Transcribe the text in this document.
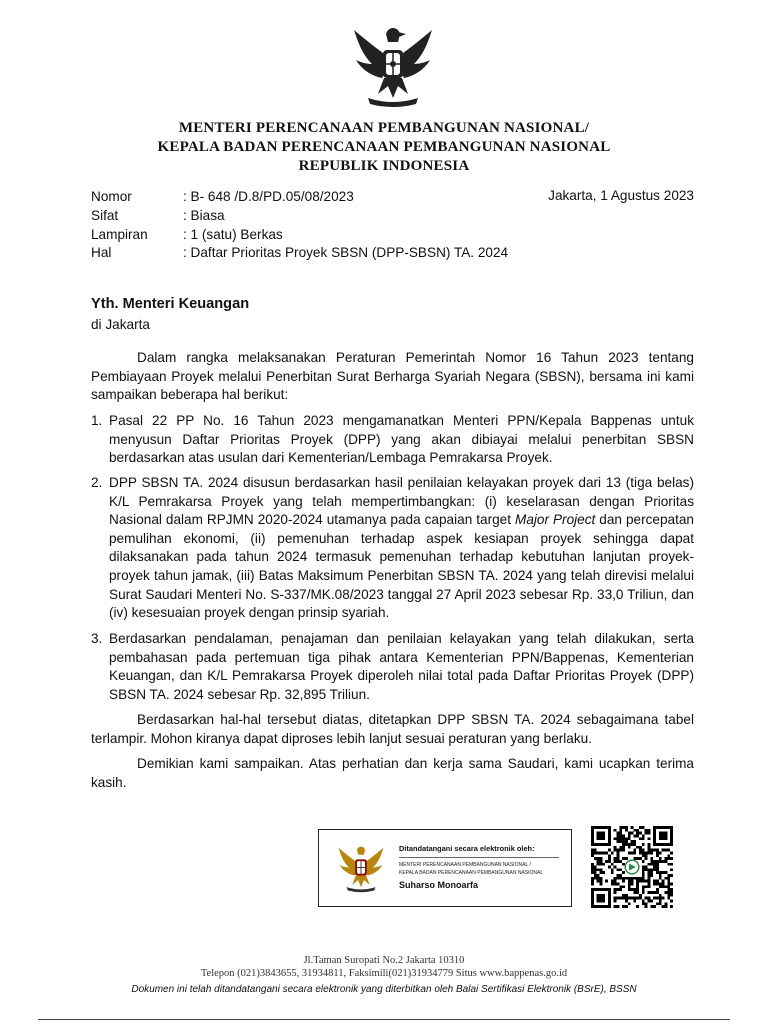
MENTERI PERENCANAAN PEMBANGUNAN NASIONAL/
KEPALA BADAN PERENCANAAN PEMBANGUNAN NASIONAL
REPUBLIK INDONESIA
Nomor	: B- 648 /D.8/PD.05/08/2023
Sifat	: Biasa
Lampiran	: 1 (satu) Berkas
Hal	: Daftar Prioritas Proyek SBSN (DPP-SBSN) TA. 2024
Jakarta, 1 Agustus 2023
Yth. Menteri Keuangan
di Jakarta

Dalam rangka melaksanakan Peraturan Pemerintah Nomor 16 Tahun 2023 tentang Pembiayaan Proyek melalui Penerbitan Surat Berharga Syariah Negara (SBSN), bersama ini kami sampaikan beberapa hal berikut:

1. Pasal 22 PP No. 16 Tahun 2023 mengamanatkan Menteri PPN/Kepala Bappenas untuk menyusun Daftar Prioritas Proyek (DPP) yang akan dibiayai melalui penerbitan SBSN berdasarkan atas usulan dari Kementerian/Lembaga Pemrakarsa Proyek.
2. DPP SBSN TA. 2024 disusun berdasarkan hasil penilaian kelayakan proyek dari 13 (tiga belas) K/L Pemrakarsa Proyek yang telah mempertimbangkan: (i) keselarasan dengan Prioritas Nasional dalam RPJMN 2020-2024 utamanya pada capaian target Major Project dan percepatan pemulihan ekonomi, (ii) pemenuhan terhadap aspek kesiapan proyek sehingga dapat dilaksanakan pada tahun 2024 termasuk pemenuhan terhadap kebutuhan lanjutan proyek-proyek tahun jamak, (iii) Batas Maksimum Penerbitan SBSN TA. 2024 yang telah direvisi melalui Surat Saudari Menteri No. S-337/MK.08/2023 tanggal 27 April 2023 sebesar Rp. 33,0 Triliun, dan (iv) kesesuaian proyek dengan prinsip syariah.
3. Berdasarkan pendalaman, penajaman dan penilaian kelayakan yang telah dilakukan, serta pembahasan pada pertemuan tiga pihak antara Kementerian PPN/Bappenas, Kementerian Keuangan, dan K/L Pemrakarsa Proyek diperoleh nilai total pada Daftar Prioritas Proyek (DPP) SBSN TA. 2024 sebesar Rp. 32,895 Triliun.

Berdasarkan hal-hal tersebut diatas, ditetapkan DPP SBSN TA. 2024 sebagaimana tabel terlampir. Mohon kiranya dapat diproses lebih lanjut sesuai peraturan yang berlaku.

Demikian kami sampaikan. Atas perhatian dan kerja sama Saudari, kami ucapkan terima kasih.

Ditandatangani secara elektronik oleh:
MENTERI PERENCANAAN PEMBANGUNAN NASIONAL /
KEPALA BADAN PERENCANAAN PEMBANGUNAN NASIONAL
Suharso Monoarfa
Jl.Taman Suropati No.2 Jakarta 10310
Telepon (021)3843655, 31934811, Faksimili(021)31934779 Situs www.bappenas.go.id
Dokumen ini telah ditandatangani secara elektronik yang diterbitkan oleh Balai Sertifikasi Elektronik (BSrE), BSSN
